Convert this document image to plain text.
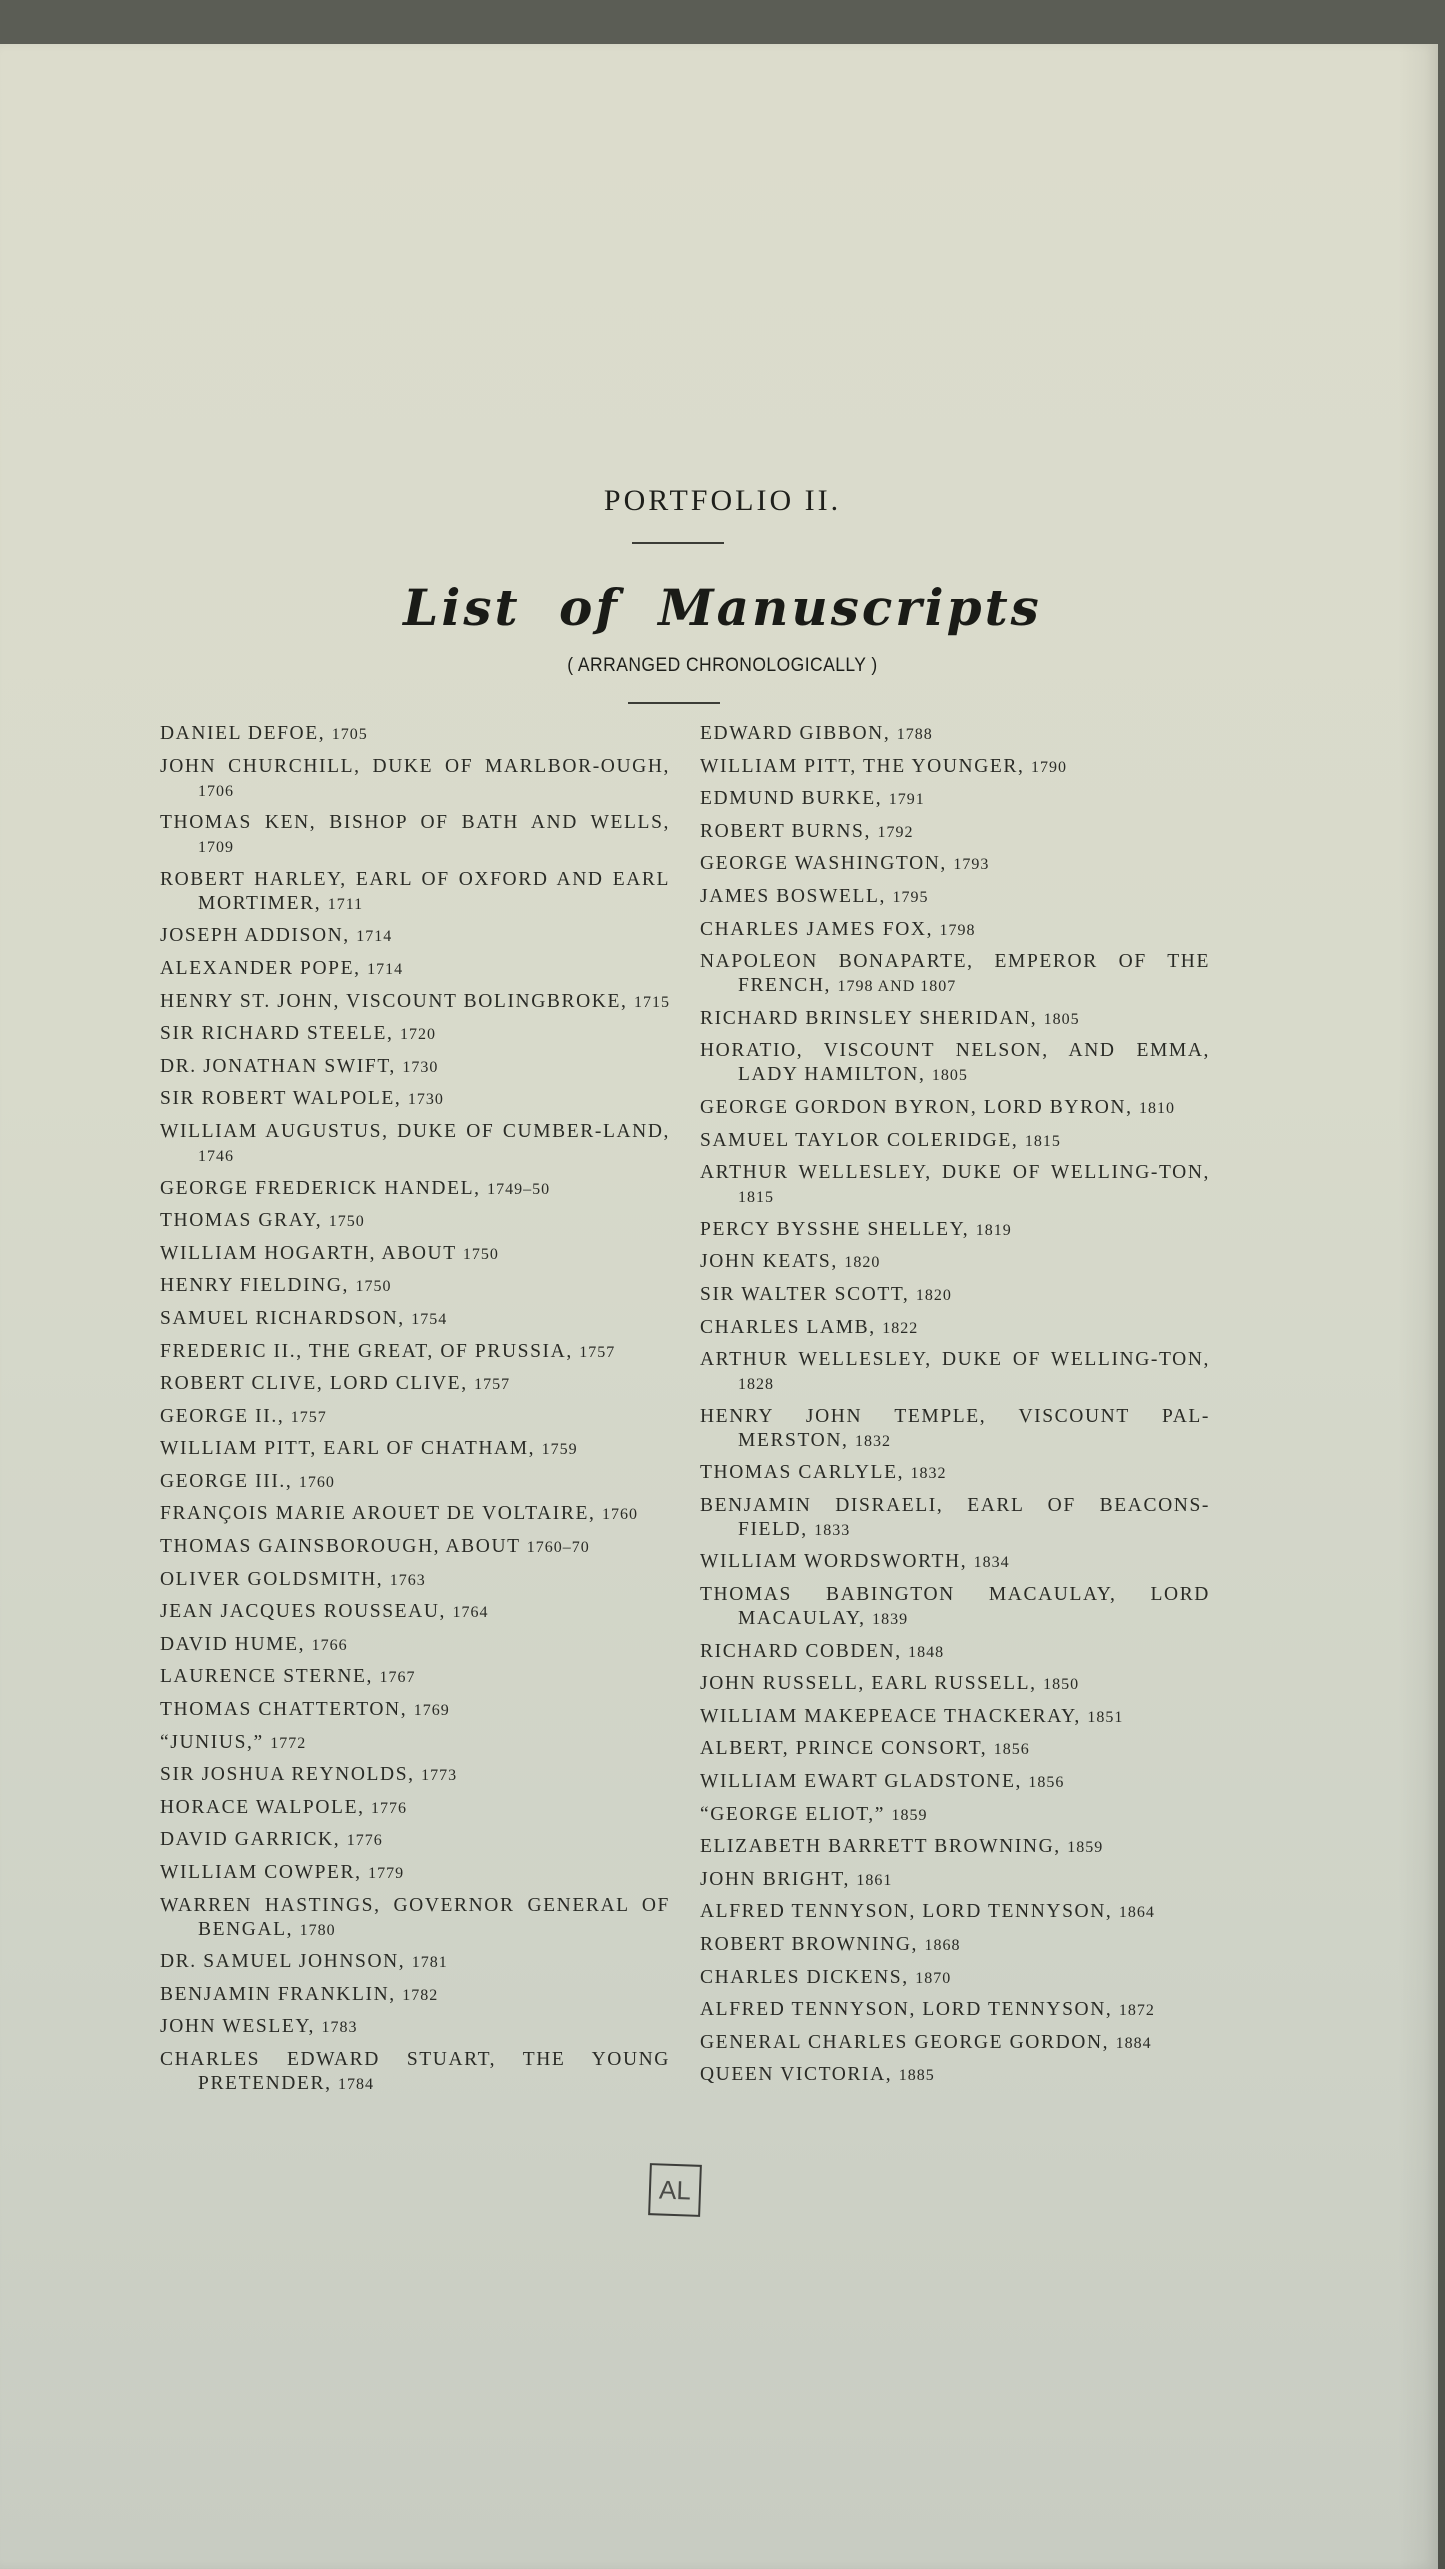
PORTFOLIO II.
List of Manuscripts
( ARRANGED CHRONOLOGICALLY )
DANIEL DEFOE, 1705
JOHN CHURCHILL, DUKE OF MARLBOR-OUGH, 1706
THOMAS KEN, BISHOP OF BATH AND WELLS, 1709
ROBERT HARLEY, EARL OF OXFORD AND EARL MORTIMER, 1711
JOSEPH ADDISON, 1714
ALEXANDER POPE, 1714
HENRY ST. JOHN, VISCOUNT BOLINGBROKE, 1715
SIR RICHARD STEELE, 1720
DR. JONATHAN SWIFT, 1730
SIR ROBERT WALPOLE, 1730
WILLIAM AUGUSTUS, DUKE OF CUMBER-LAND, 1746
GEORGE FREDERICK HANDEL, 1749–50
THOMAS GRAY, 1750
WILLIAM HOGARTH, ABOUT 1750
HENRY FIELDING, 1750
SAMUEL RICHARDSON, 1754
FREDERIC II., THE GREAT, OF PRUSSIA, 1757
ROBERT CLIVE, LORD CLIVE, 1757
GEORGE II., 1757
WILLIAM PITT, EARL OF CHATHAM, 1759
GEORGE III., 1760
FRANÇOIS MARIE AROUET DE VOLTAIRE, 1760
THOMAS GAINSBOROUGH, ABOUT 1760–70
OLIVER GOLDSMITH, 1763
JEAN JACQUES ROUSSEAU, 1764
DAVID HUME, 1766
LAURENCE STERNE, 1767
THOMAS CHATTERTON, 1769
“JUNIUS,” 1772
SIR JOSHUA REYNOLDS, 1773
HORACE WALPOLE, 1776
DAVID GARRICK, 1776
WILLIAM COWPER, 1779
WARREN HASTINGS, GOVERNOR GENERAL OF BENGAL, 1780
DR. SAMUEL JOHNSON, 1781
BENJAMIN FRANKLIN, 1782
JOHN WESLEY, 1783
CHARLES EDWARD STUART, THE YOUNG PRETENDER, 1784
EDWARD GIBBON, 1788
WILLIAM PITT, THE YOUNGER, 1790
EDMUND BURKE, 1791
ROBERT BURNS, 1792
GEORGE WASHINGTON, 1793
JAMES BOSWELL, 1795
CHARLES JAMES FOX, 1798
NAPOLEON BONAPARTE, EMPEROR OF THE FRENCH, 1798 AND 1807
RICHARD BRINSLEY SHERIDAN, 1805
HORATIO, VISCOUNT NELSON, AND EMMA, LADY HAMILTON, 1805
GEORGE GORDON BYRON, LORD BYRON, 1810
SAMUEL TAYLOR COLERIDGE, 1815
ARTHUR WELLESLEY, DUKE OF WELLING-TON, 1815
PERCY BYSSHE SHELLEY, 1819
JOHN KEATS, 1820
SIR WALTER SCOTT, 1820
CHARLES LAMB, 1822
ARTHUR WELLESLEY, DUKE OF WELLING-TON, 1828
HENRY JOHN TEMPLE, VISCOUNT PAL-MERSTON, 1832
THOMAS CARLYLE, 1832
BENJAMIN DISRAELI, EARL OF BEACONS-FIELD, 1833
WILLIAM WORDSWORTH, 1834
THOMAS BABINGTON MACAULAY, LORD MACAULAY, 1839
RICHARD COBDEN, 1848
JOHN RUSSELL, EARL RUSSELL, 1850
WILLIAM MAKEPEACE THACKERAY, 1851
ALBERT, PRINCE CONSORT, 1856
WILLIAM EWART GLADSTONE, 1856
“GEORGE ELIOT,” 1859
ELIZABETH BARRETT BROWNING, 1859
JOHN BRIGHT, 1861
ALFRED TENNYSON, LORD TENNYSON, 1864
ROBERT BROWNING, 1868
CHARLES DICKENS, 1870
ALFRED TENNYSON, LORD TENNYSON, 1872
GENERAL CHARLES GEORGE GORDON, 1884
QUEEN VICTORIA, 1885
AL
